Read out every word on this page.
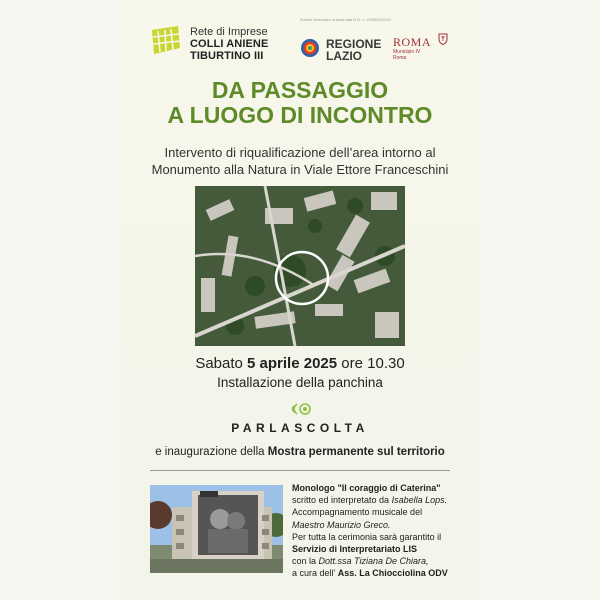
Rete di Imprese
COLLI ANIENE
TIBURTINO III
Evento finanziato in base alla D.D. n. G00542/2024
REGIONE
LAZIO
ROMA
Municipio IV
Roma
DA PASSAGGIO
A LUOGO DI INCONTRO
Intervento di riqualificazione dell’area intorno al
Monumento alla Natura in Viale Ettore Franceschini
Sabato 5 aprile 2025 ore 10.30
Installazione della panchina
PARLASCOLTA
e inaugurazione della Mostra permanente sul territorio
Monologo "Il coraggio di Caterina"
scritto ed interpretato da Isabella Lops.
Accompagnamento musicale del
Maestro Maurizio Greco.
Per tutta la cerimonia sarà garantito il
Servizio di Interpretariato LIS
con la Dott.ssa Tiziana De Chiara,
a cura dell’ Ass. La Chiocciolina ODV
